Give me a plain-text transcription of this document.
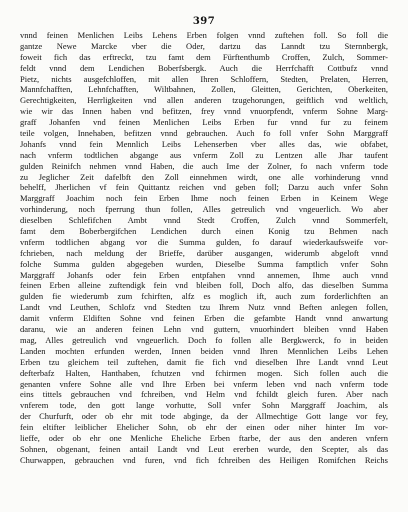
397
vnnd feinen Menlichen Leibs Lehens Erben folgen vnnd zuftehen foll. So foll die
gantze Newe Marcke vber die Oder, dartzu das Lanndt tzu Sternnbergk,
foweit fich das erftreckt, tzu famt dem Fürftenthumb Croffen, Zulch, Sommer-
feldt vnnd dem Lendichen Boberfsbergk. Auch die Herrfchafft Cottbufz vnnd
Pietz, nichts ausgefchloffen, mit allen Ihren Schloffern, Stedten, Prelaten, Herren,
Mannfchafften, Lehnfchafften, Wiltbahnen, Zollen, Gleitten, Gerichten, Oberkeiten,
Gerechtigkeiten, Herrligkeiten vnd allen anderen tzugehorungen, geiftlich vnd weltlich,
wie wir das Innen haben vnd befitzen, frey vnnd vnuorpfendt, vnferm Sohne Marg-
graff Johanfen vnd feinen Menlichen Leibs Erben fur vnnd fur zu feinem
teile volgen, Innehaben, befitzen vnnd gebrauchen. Auch fo foll vnfer Sohn Marggraff
Johanfs vnnd fein Mennlich Leibs Lehenserben vber alles das, wie obfabet,
nach vnferm todtlichen abgange aus vnferm Zoll zu Lentzen alle Jhar taufent
gulden Reinifch nehmen vnnd Haben, die auch Ime der Zolner, fo nach vnferm tode
zu Jeglicher Zeit dafelbft den Zoll einnehmen wirdt, one alle vorhinderung vnnd
behelff, Jherlichen vf fein Quittantz reichen vnd geben foll; Darzu auch vnfer Sohn
Marggraff Joachim noch fein Erben Ihme noch feinen Erben in Keinem Wege
vorhinderung, noch fperrung thun follen, Alles getreulich vnd vngeuerlich. Wo aber
dieselben Schlefifchen Ambt vnnd Stedt Croffen, Zulch vnnd Sommerfelt,
famt dem Boberbergifchen Lendichen durch einen Konig tzu Behmen nach
vnferm todtlichen abgang vor die Summa gulden, fo darauf wiederkaufsweife vor-
fchrieben, nach meldung der Brieffe, darüber ausgangen, widerumb abgeloft vnnd
folche Summa gulden abgegeben wurden, Dieselbe Summa famptlich vnfer Sohn
Marggraff Johanfs oder fein Erben entpfahen vnnd annemen, Ihme auch vnnd
feinen Erben alleine zuftendigk fein vnd bleiben foll, Doch alfo, das dieselben Summa
gulden fie wiederumb zum fchirften, alfz es moglich ift, auch zum forderlichften an
Landt vnd Leuthen, Schlofz vnd Stedten tzu Ihrem Nutz vnnd Beften anlegen follen,
damit vnferm Eldiften Sohne vnd feinen Erben die gefambte Handt vnnd anwartung
daranu, wie an anderen feinen Lehn vnd guttern, vnuorhindert bleiben vnnd Haben
mag, Alles getreulich vnd vngeuerlich. Doch fo follen alle Bergkwerck, fo in beiden
Landen mochten erfunden werden, Innen beiden vnnd Ihren Mennlichen Leibs Lehen
Erben tzu gleichem teil zuftehen, damit fie fich vnd dieselben Ihre Landt vnnd Leut
defterbafz Halten, Hanthaben, fchutzen vnd fchirmen mogen. Sich follen auch die
genanten vnfere Sohne alle vnd Ihre Erben bei vnferm leben vnd nach vnferm tode
eins tittels gebrauchen vnd fchreiben, vnd Helm vnd fchildt gleich furen. Aber nach
vnferem tode, den gott lange vorhutte, Soll vnfer Sohn Marggraff Joachim, als
der Churfurft, oder ob ehr mit tode abginge, da der Allmechtige Gott lange vor fey,
fein eltifter leiblicher Ehelicher Sohn, ob ehr der einen oder niher hinter Im vor-
lieffe, oder ob ehr one Menliche Eheliche Erben ftarbe, der aus den anderen vnfern
Sohnen, obgenant, feinen antail Landt vnd Leut ererben wurde, den Scepter, als das
Churwappen, gebrauchen vnd furen, vnd fich fchreiben des Heiligen Romifchen Reichs
